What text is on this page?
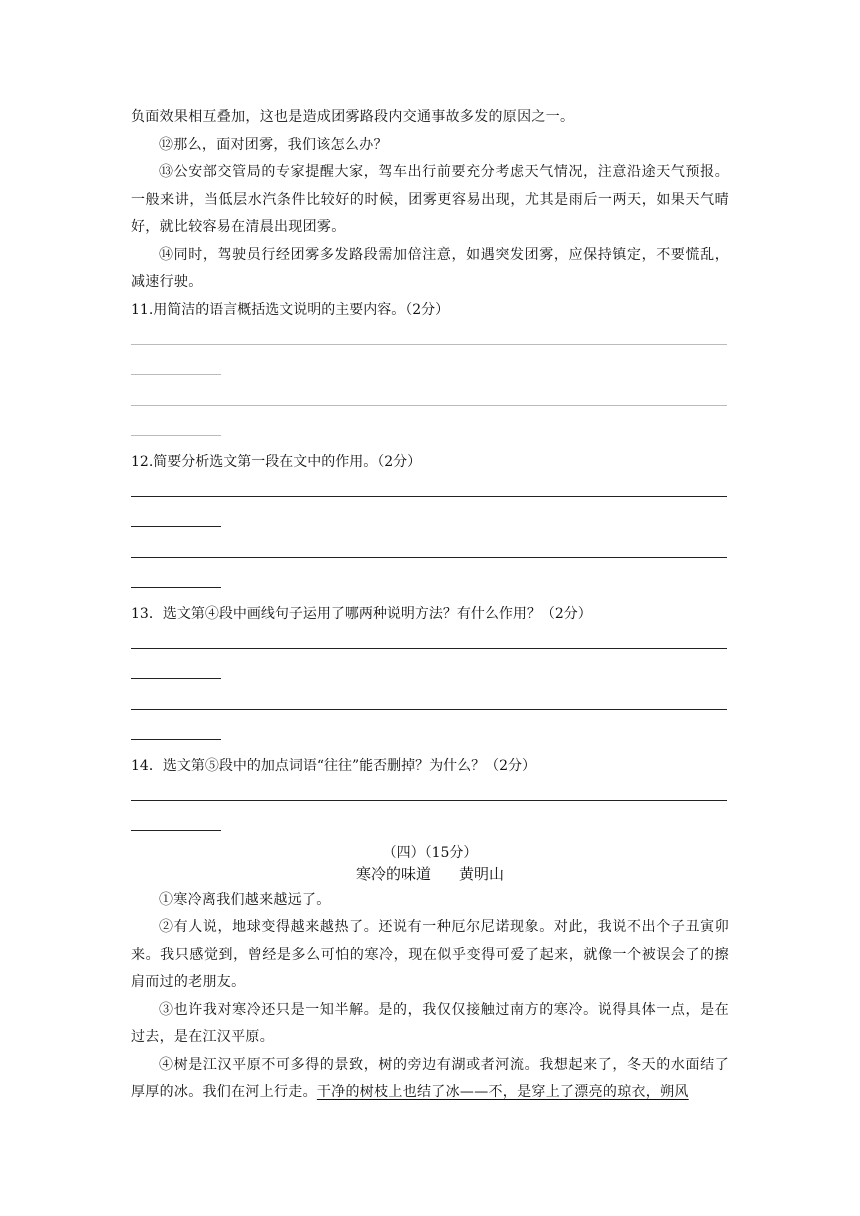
负面效果相互叠加，这也是造成团雾路段内交通事故多发的原因之一。

⑫那么，面对团雾，我们该怎么办？

⑬公安部交管局的专家提醒大家，驾车出行前要充分考虑天气情况，注意沿途天气预报。一般来讲，当低层水汽条件比较好的时候，团雾更容易出现，尤其是雨后一两天，如果天气晴好，就比较容易在清晨出现团雾。

⑭同时，驾驶员行经团雾多发路段需加倍注意，如遇突发团雾，应保持镇定，不要慌乱，减速行驶。

11.用简洁的语言概括选文说明的主要内容。（2分）

12.简要分析选文第一段在文中的作用。（2分）

13．选文第④段中画线句子运用了哪两种说明方法？有什么作用？（2分）

14．选文第⑤段中的加点词语“往往”能否删掉？为什么？（2分）

（四）（15分）

寒冷的味道 黄明山

①寒冷离我们越来越远了。

②有人说，地球变得越来越热了。还说有一种厄尔尼诺现象。对此，我说不出个子丑寅卯来。我只感觉到，曾经是多么可怕的寒冷，现在似乎变得可爱了起来，就像一个被误会了的擦肩而过的老朋友。

③也许我对寒冷还只是一知半解。是的，我仅仅接触过南方的寒冷。说得具体一点，是在过去，是在江汉平原。

④树是江汉平原不可多得的景致，树的旁边有湖或者河流。我想起来了，冬天的水面结了厚厚的冰。我们在河上行走。干净的树枝上也结了冰——不，是穿上了漂亮的琼衣，朔风
